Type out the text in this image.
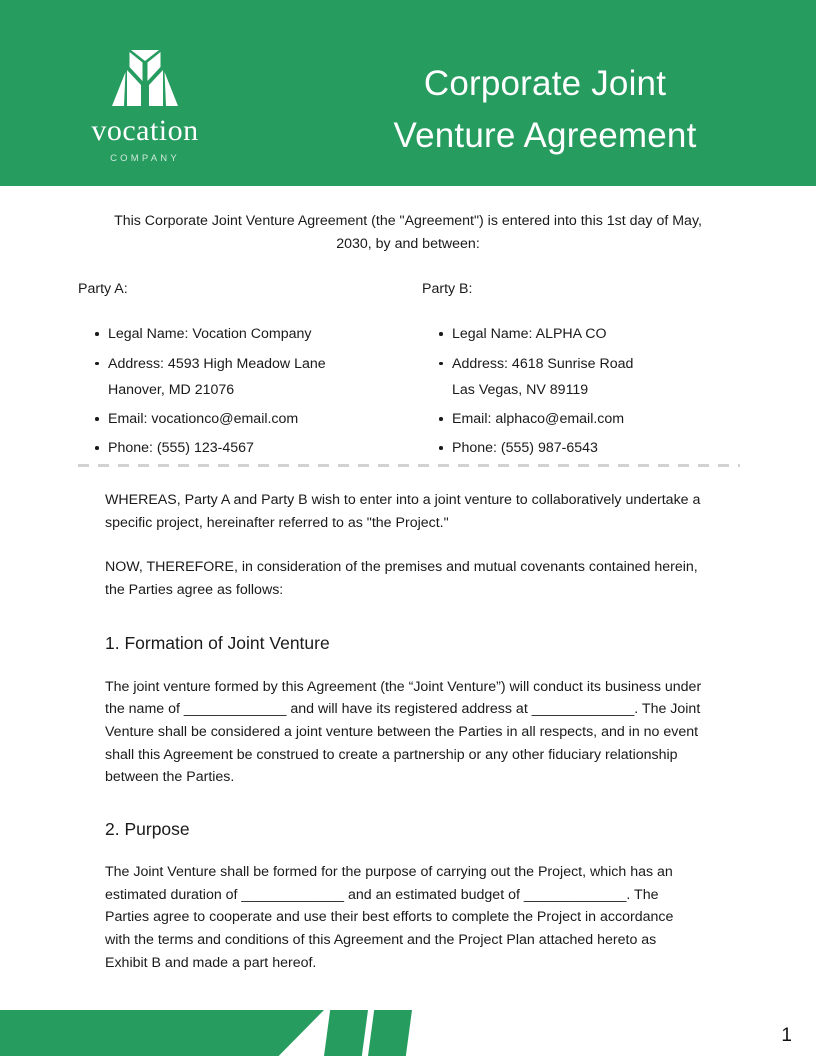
vocation
COMPANY
Corporate Joint
Venture Agreement
This Corporate Joint Venture Agreement (the "Agreement") is entered into this 1st day of May, 2030, by and between:
Party A:
Legal Name: Vocation Company
Address: 4593 High Meadow Lane
Hanover, MD 21076
Email: vocationco@email.com
Phone: (555) 123-4567
Party B:
Legal Name: ALPHA CO
Address: 4618 Sunrise Road
Las Vegas, NV 89119
Email: alphaco@email.com
Phone: (555) 987-6543

WHEREAS, Party A and Party B wish to enter into a joint venture to collaboratively undertake a specific project, hereinafter referred to as "the Project."

NOW, THEREFORE, in consideration of the premises and mutual covenants contained herein, the Parties agree as follows:

1. Formation of Joint Venture

The joint venture formed by this Agreement (the “Joint Venture”) will conduct its business under the name of _____________ and will have its registered address at _____________. The Joint Venture shall be considered a joint venture between the Parties in all respects, and in no event shall this Agreement be construed to create a partnership or any other fiduciary relationship between the Parties.

2. Purpose

The Joint Venture shall be formed for the purpose of carrying out the Project, which has an estimated duration of _____________ and an estimated budget of _____________. The Parties agree to cooperate and use their best efforts to complete the Project in accordance with the terms and conditions of this Agreement and the Project Plan attached hereto as Exhibit B and made a part hereof.

1
